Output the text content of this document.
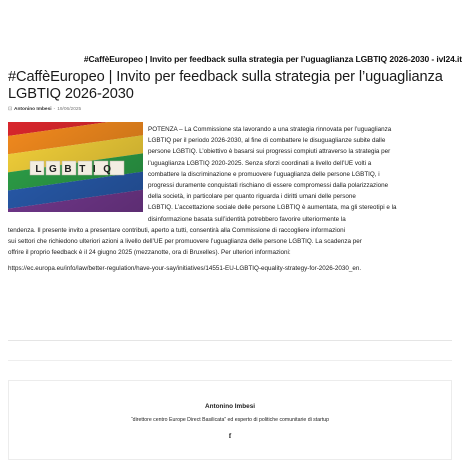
#CaffèEuropeo | Invito per feedback sulla strategia per l’uguaglianza LGBTIQ 2026-2030 - ivl24.it
#CaffèEuropeo | Invito per feedback sulla strategia per l’uguaglianza LGBTIQ 2026-2030
⊡ Antonino Imbesi - 19/06/2025
LGBTIQ
POTENZA – La Commissione sta lavorando a una strategia rinnovata per l’uguaglianza
LGBTIQ per il periodo 2026-2030, al fine di combattere le disuguaglianze subite dalle
persone LGBTIQ. L’obiettivo è basarsi sui progressi compiuti attraverso la strategia per
l’uguaglianza LGBTIQ 2020-2025. Senza sforzi coordinati a livello dell’UE volti a
combattere la discriminazione e promuovere l’uguaglianza delle persone LGBTIQ, i
progressi duramente conquistati rischiano di essere compromessi dalla polarizzazione
della società, in particolare per quanto riguarda i diritti umani delle persone
LGBTIQ. L’accettazione sociale delle persone LGBTIQ è aumentata, ma gli stereotipi e la
disinformazione basata sull’identità potrebbero favorire ulteriormente la
tendenza. Il presente invito a presentare contributi, aperto a tutti, consentirà alla Commissione di raccogliere informazioni
sui settori che richiedono ulteriori azioni a livello dell’UE per promuovere l’uguaglianza delle persone LGBTIQ. La scadenza per
offrire il proprio feedback è il 24 giugno 2025 (mezzanotte, ora di Bruxelles). Per ulteriori informazioni:
https://ec.europa.eu/info/law/better-regulation/have-your-say/initiatives/14551-EU-LGBTIQ-equality-strategy-for-2026-2030_en.
Antonino Imbesi
“direttore centro Europe Direct Basilicata” ed esperto di politiche comunitarie di startup
f
